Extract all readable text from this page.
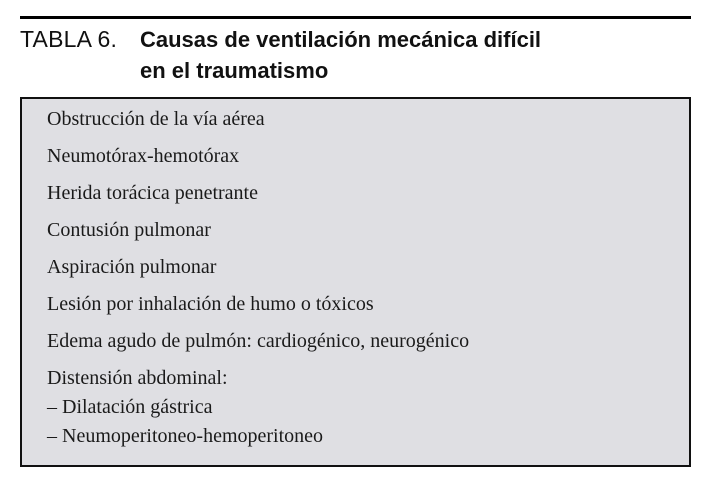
TABLA 6. Causas de ventilación mecánica difícil
en el traumatismo
Obstrucción de la vía aérea
Neumotórax-hemotórax
Herida torácica penetrante
Contusión pulmonar
Aspiración pulmonar
Lesión por inhalación de humo o tóxicos
Edema agudo de pulmón: cardiogénico, neurogénico
Distensión abdominal:
– Dilatación gástrica
– Neumoperitoneo-hemoperitoneo
